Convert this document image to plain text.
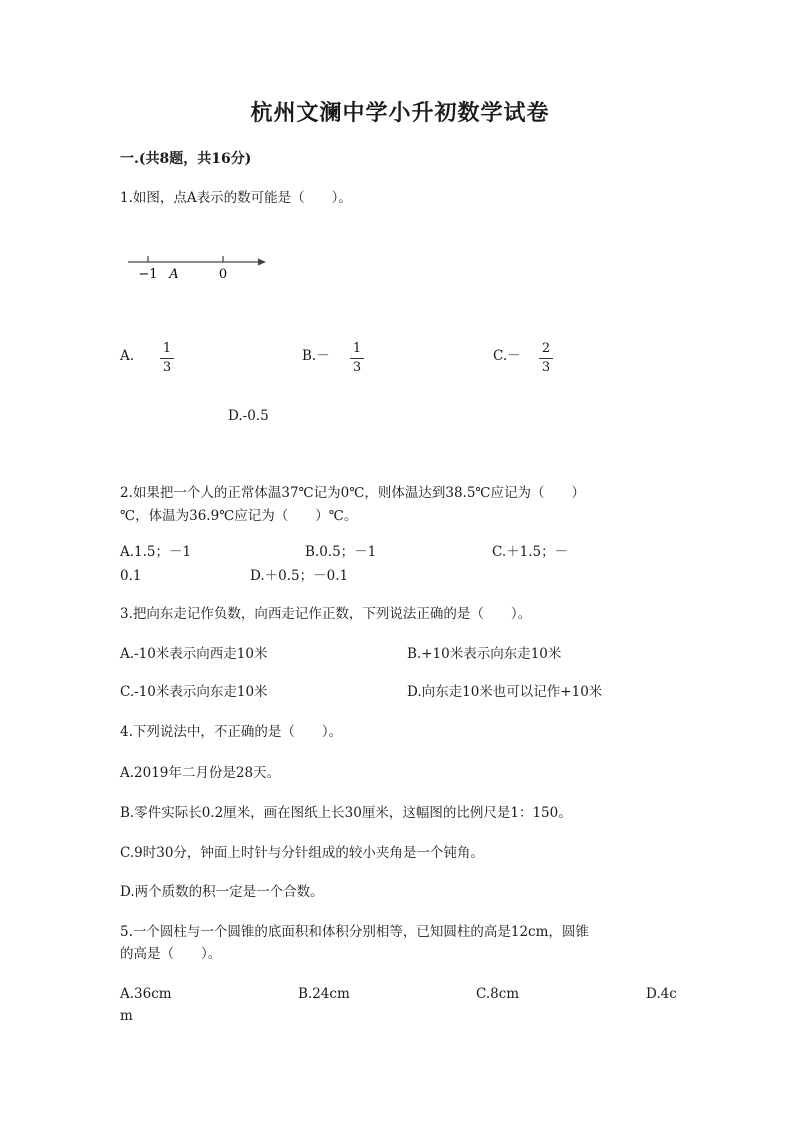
杭州文澜中学小升初数学试卷
一.(共8题，共16分)
1.如图，点A表示的数可能是（　　）。
−1 A	0
A.	1
3
B.－	1
3
C.－	2
3
D.-0.5
2.如果把一个人的正常体温37℃记为0℃，则体温达到38.5℃应记为（　　）
℃，体温为36.9℃应记为（　　）℃。
A.1.5；－1	B.0.5；－1	C.＋1.5；－
0.1	D.＋0.5；－0.1
3.把向东走记作负数，向西走记作正数，下列说法正确的是（　　）。
A.-10米表示向西走10米	B.+10米表示向东走10米
C.-10米表示向东走10米	D.向东走10米也可以记作+10米
4.下列说法中，不正确的是（　　）。
A.2019年二月份是28天。
B.零件实际长0.2厘米，画在图纸上长30厘米，这幅图的比例尺是1：150。
C.9时30分，钟面上时针与分针组成的较小夹角是一个钝角。
D.两个质数的积一定是一个合数。
5.一个圆柱与一个圆锥的底面积和体积分别相等，已知圆柱的高是12cm，圆锥
的高是（　　）。
A.36cm	B.24cm	C.8cm	D.4c
m
